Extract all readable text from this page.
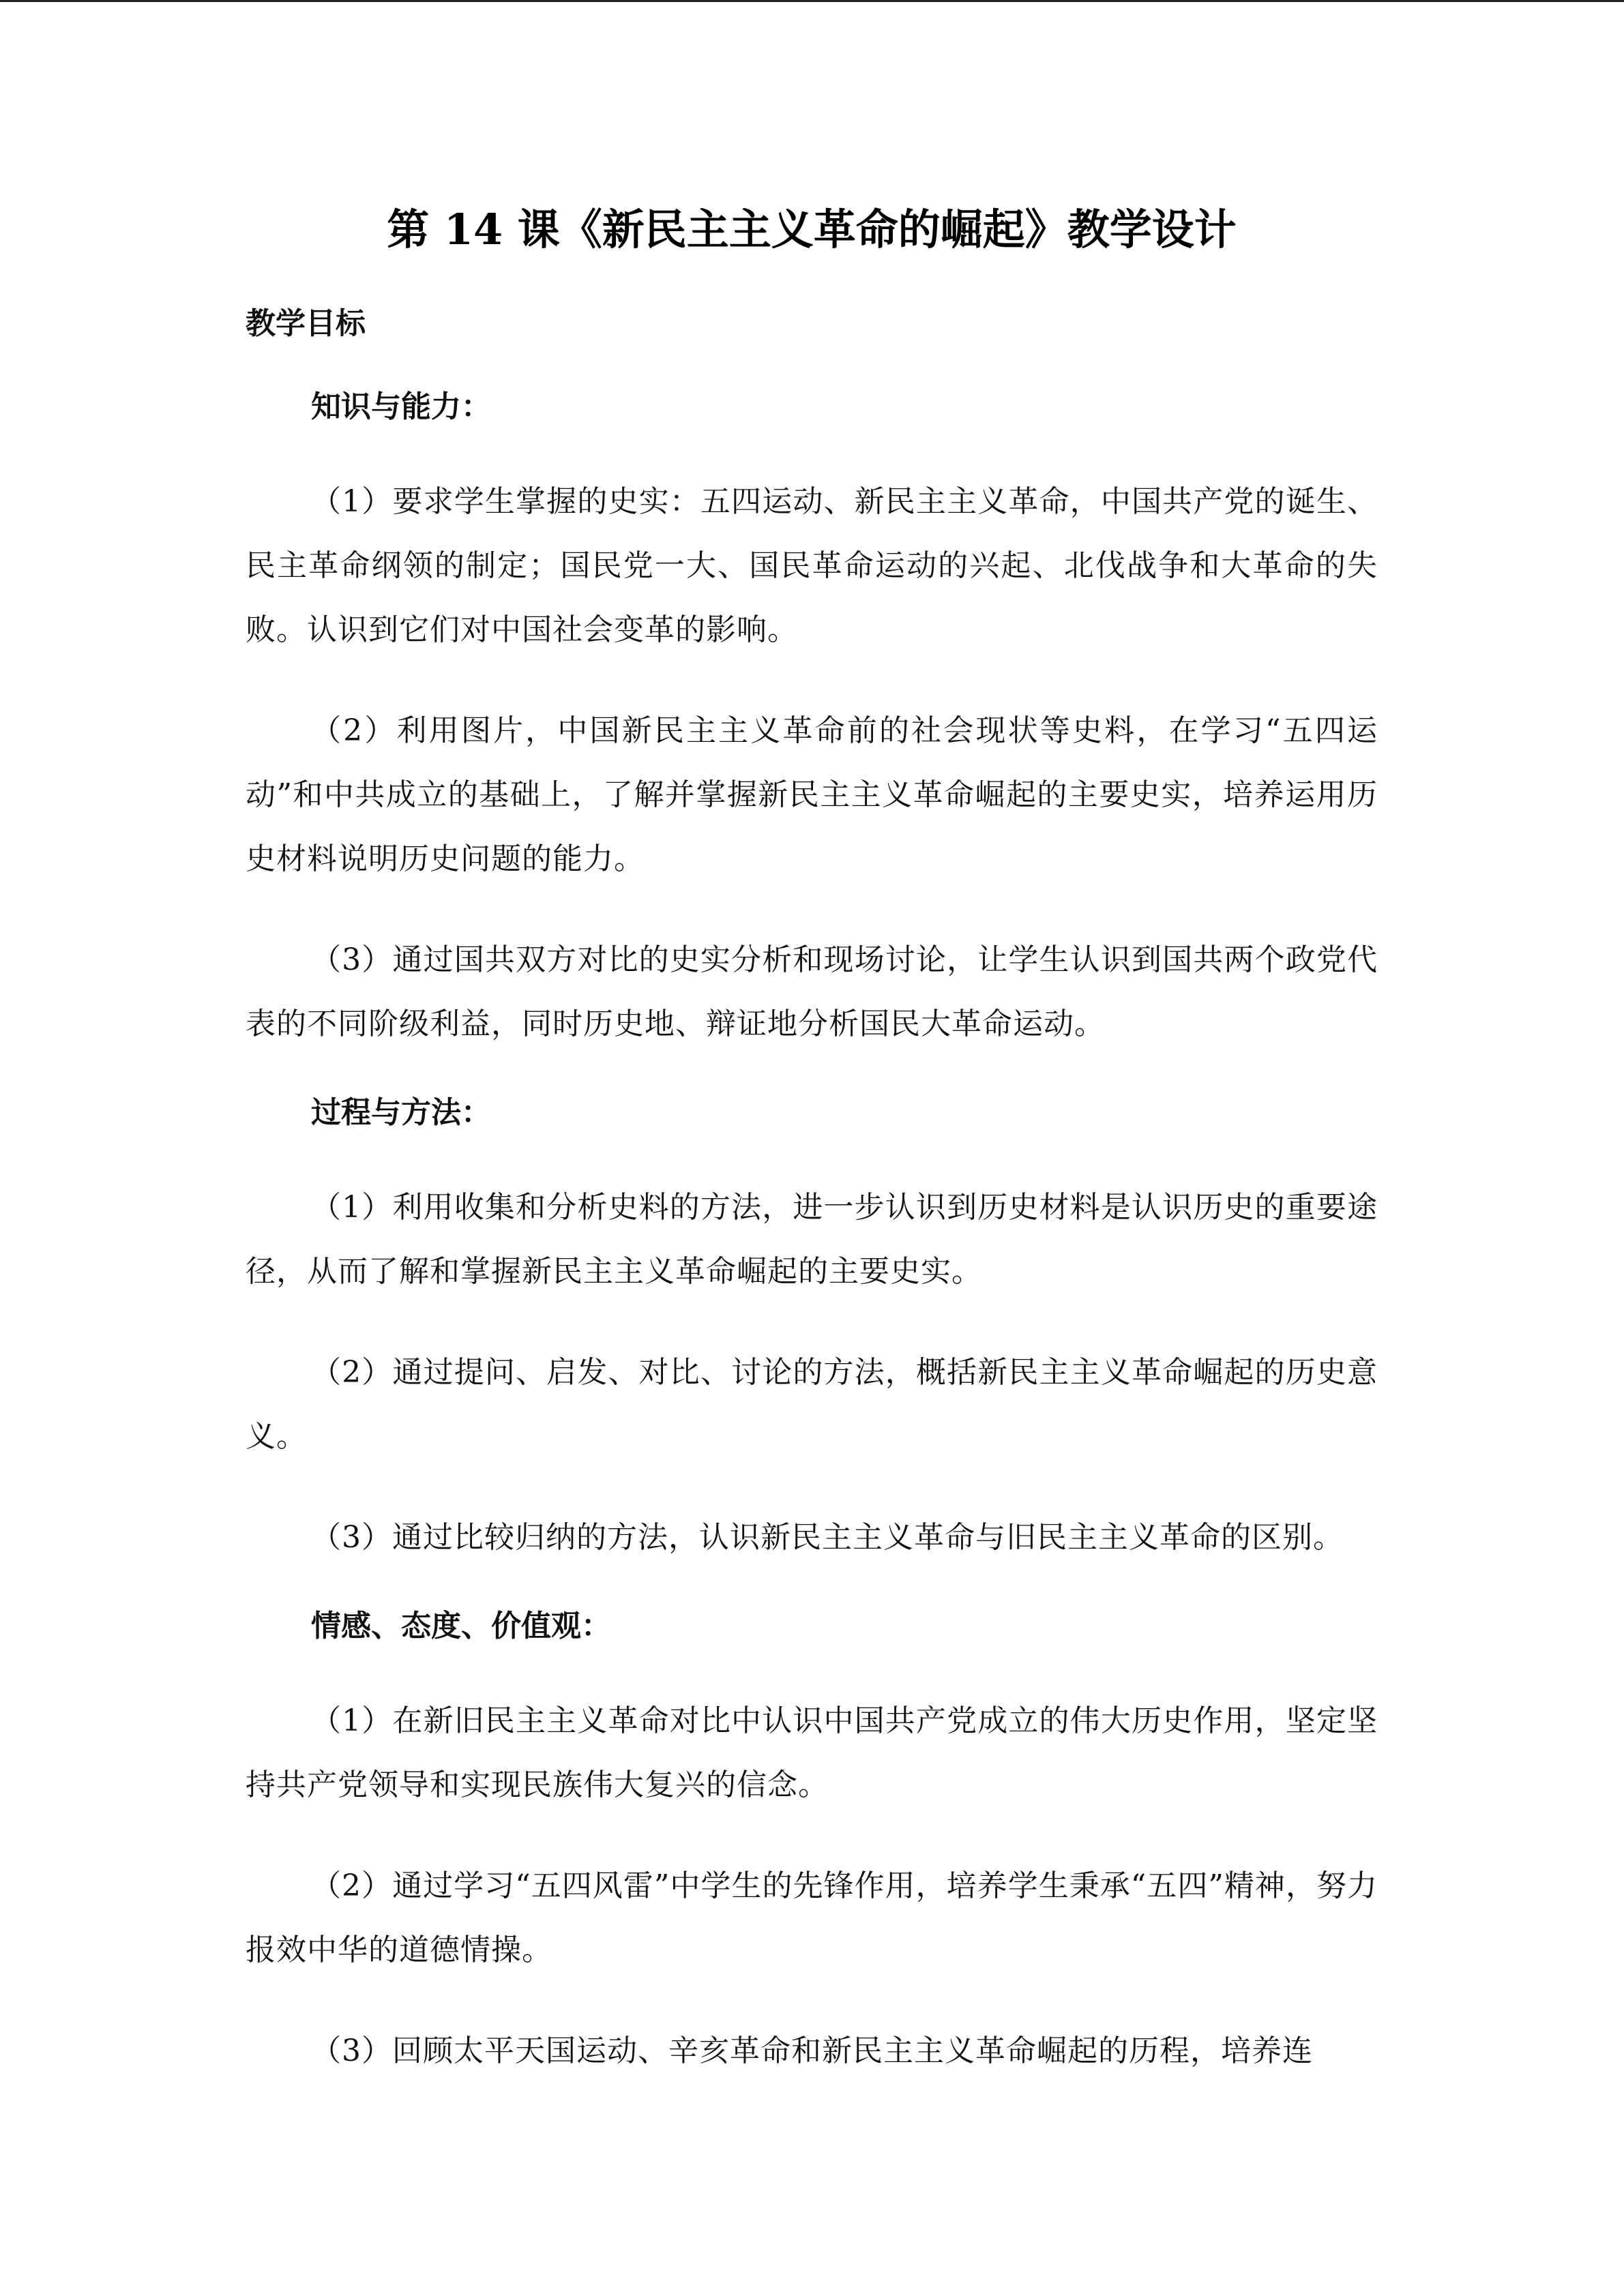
第 14 课《新民主主义革命的崛起》教学设计
教学目标
知识与能力：

（1）要求学生掌握的史实：五四运动、新民主主义革命，中国共产党的诞生、民主革命纲领的制定；国民党一大、国民革命运动的兴起、北伐战争和大革命的失败。认识到它们对中国社会变革的影响。

（2）利用图片，中国新民主主义革命前的社会现状等史料，在学习“五四运动”和中共成立的基础上，了解并掌握新民主主义革命崛起的主要史实，培养运用历史材料说明历史问题的能力。

（3）通过国共双方对比的史实分析和现场讨论，让学生认识到国共两个政党代表的不同阶级利益，同时历史地、辩证地分析国民大革命运动。

过程与方法：

（1）利用收集和分析史料的方法，进一步认识到历史材料是认识历史的重要途径，从而了解和掌握新民主主义革命崛起的主要史实。

（2）通过提问、启发、对比、讨论的方法，概括新民主主义革命崛起的历史意义。

（3）通过比较归纳的方法，认识新民主主义革命与旧民主主义革命的区别。

情感、态度、价值观：

（1）在新旧民主主义革命对比中认识中国共产党成立的伟大历史作用，坚定坚持共产党领导和实现民族伟大复兴的信念。

（2）通过学习“五四风雷”中学生的先锋作用，培养学生秉承“五四”精神，努力报效中华的道德情操。

（3）回顾太平天国运动、辛亥革命和新民主主义革命崛起的历程，培养连
